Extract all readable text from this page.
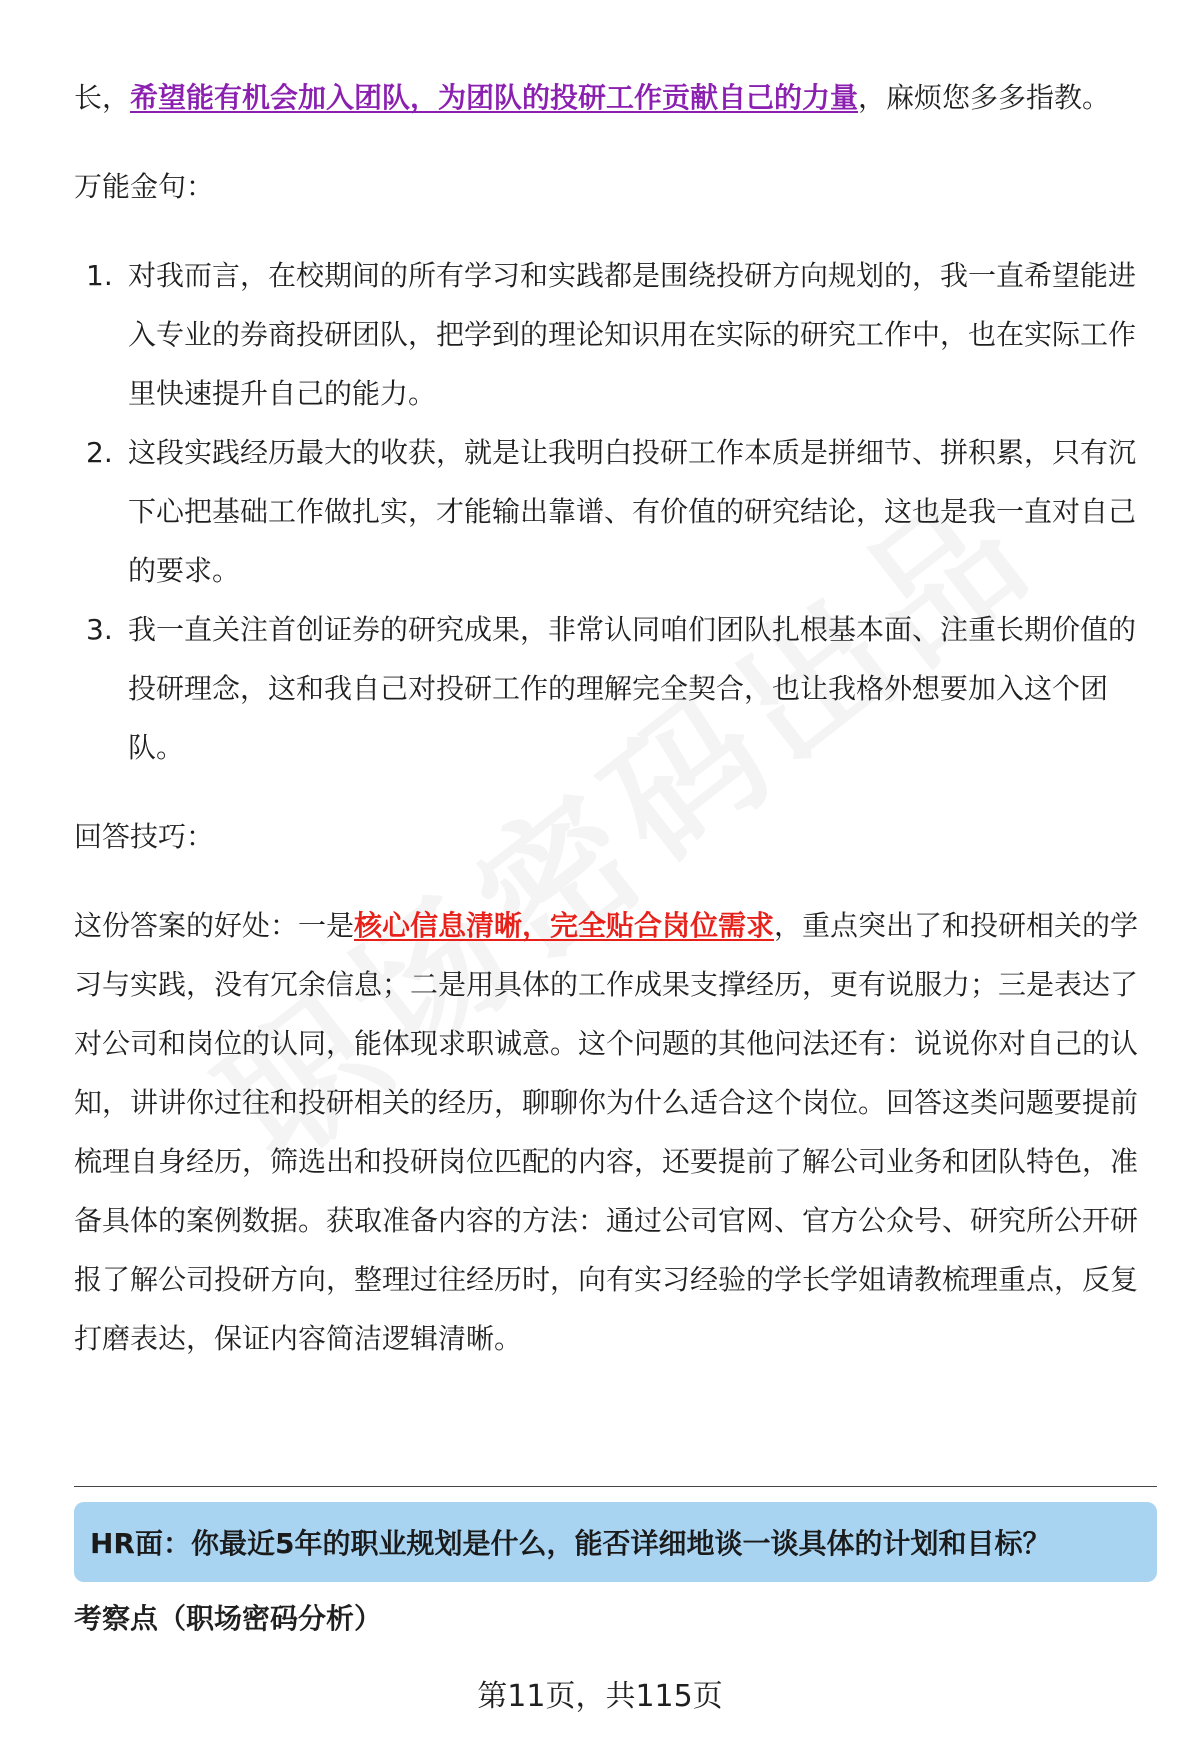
长，希望能有机会加入团队，为团队的投研工作贡献自己的力量，麻烦您多多指教。

万能金句：

1. 对我而言，在校期间的所有学习和实践都是围绕投研方向规划的，我一直希望能进入专业的券商投研团队，把学到的理论知识用在实际的研究工作中，也在实际工作里快速提升自己的能力。
2. 这段实践经历最大的收获，就是让我明白投研工作本质是拼细节、拼积累，只有沉下心把基础工作做扎实，才能输出靠谱、有价值的研究结论，这也是我一直对自己的要求。
3. 我一直关注首创证券的研究成果，非常认同咱们团队扎根基本面、注重长期价值的投研理念，这和我自己对投研工作的理解完全契合，也让我格外想要加入这个团队。

回答技巧：

这份答案的好处：一是核心信息清晰，完全贴合岗位需求，重点突出了和投研相关的学习与实践，没有冗余信息；二是用具体的工作成果支撑经历，更有说服力；三是表达了对公司和岗位的认同，能体现求职诚意。这个问题的其他问法还有：说说你对自己的认知，讲讲你过往和投研相关的经历，聊聊你为什么适合这个岗位。回答这类问题要提前梳理自身经历，筛选出和投研岗位匹配的内容，还要提前了解公司业务和团队特色，准备具体的案例数据。获取准备内容的方法：通过公司官网、官方公众号、研究所公开研报了解公司投研方向，整理过往经历时，向有实习经验的学长学姐请教梳理重点，反复打磨表达，保证内容简洁逻辑清晰。

HR面：你最近5年的职业规划是什么，能否详细地谈一谈具体的计划和目标？
考察点（职场密码分析）
第11页，共115页
